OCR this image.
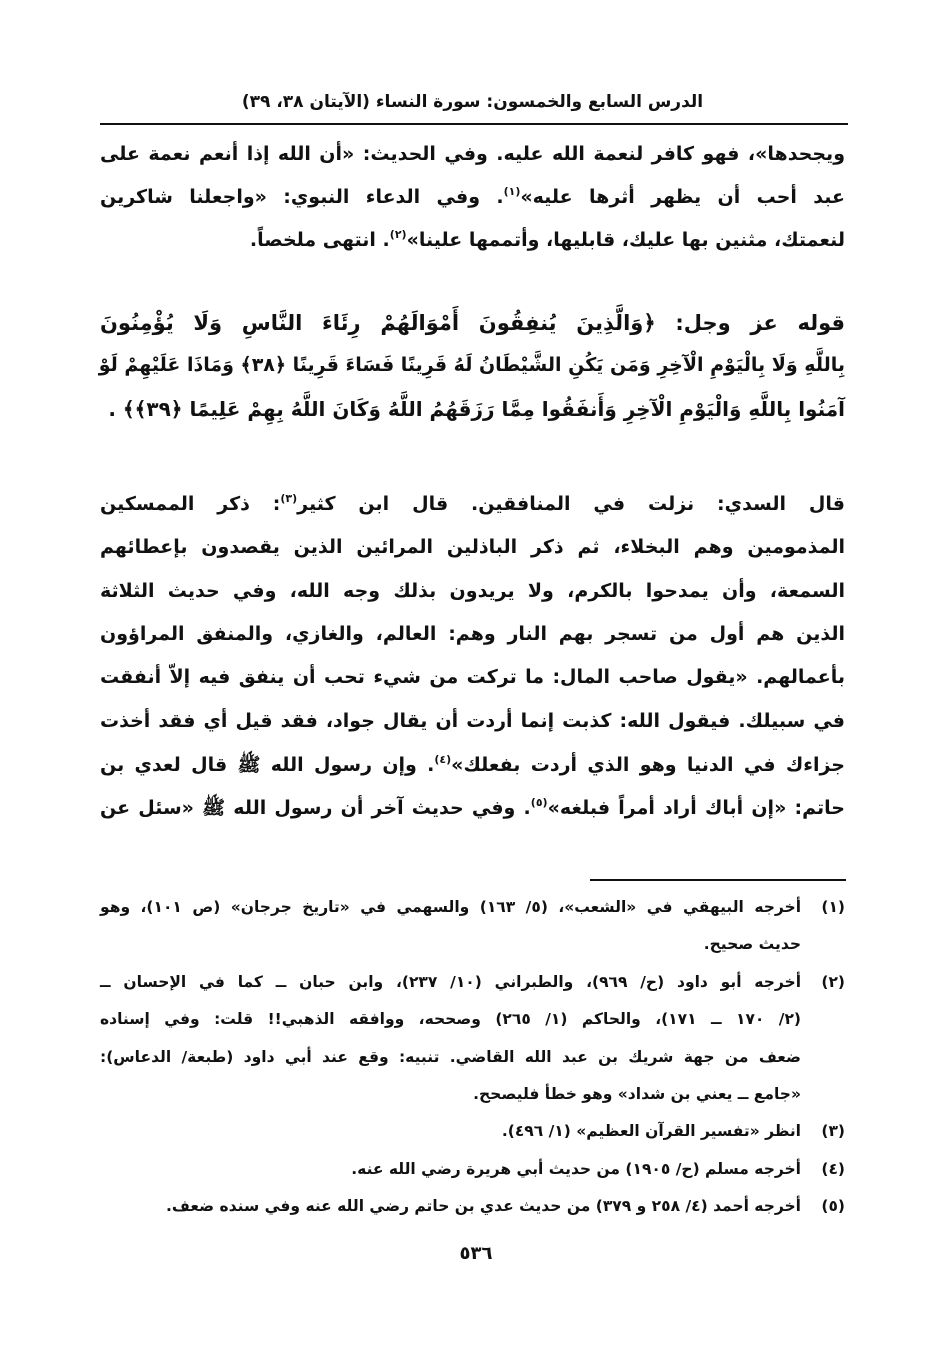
الدرس السابع والخمسون: سورة النساء (الآيتان ٣٨، ٣٩)
ويجحدها»، فهو كافر لنعمة الله عليه. وفي الحديث: «أن الله إذا أنعم نعمة على
عبد أحب أن يظهر أثرها عليه»$^{(١)}$. وفي الدعاء النبوي: «واجعلنا شاكرين
لنعمتك، مثنين بها عليك، قابليها، وأتممها علينا»$^{(٢)}$. انتهى ملخصاً.
قوله عز وجل: ﴿وَالَّذِينَ يُنفِقُونَ أَمْوَالَهُمْ رِئَاءَ النَّاسِ وَلَا يُؤْمِنُونَ
بِاللَّهِ وَلَا بِالْيَوْمِ الْآخِرِ وَمَن يَكُنِ الشَّيْطَانُ لَهُ قَرِينًا فَسَاءَ قَرِينًا ﴿٣٨﴾ وَمَاذَا عَلَيْهِمْ لَوْ
آمَنُوا بِاللَّهِ وَالْيَوْمِ الْآخِرِ وَأَنفَقُوا مِمَّا رَزَقَهُمُ اللَّهُ وَكَانَ اللَّهُ بِهِمْ عَلِيمًا ﴿٣٩﴾﴾ .
قال السدي: نزلت في المنافقين. قال ابن كثير$^{(٣)}$: ذكر الممسكين
المذمومين وهم البخلاء، ثم ذكر الباذلين المرائين الذين يقصدون بإعطائهم
السمعة، وأن يمدحوا بالكرم، ولا يريدون بذلك وجه الله، وفي حديث الثلاثة
الذين هم أول من تسجر بهم النار وهم: العالم، والغازي، والمنفق المراؤون
بأعمالهم. «يقول صاحب المال: ما تركت من شيء تحب أن ينفق فيه إلاّ أنفقت
في سبيلك. فيقول الله: كذبت إنما أردت أن يقال جواد، فقد قيل أي فقد أخذت
جزاءك في الدنيا وهو الذي أردت بفعلك»$^{(٤)}$. وإن رسول الله ﷺ قال لعدي بن
حاتم: «إن أباك أراد أمراً فبلغه»$^{(٥)}$. وفي حديث آخر أن رسول الله ﷺ «سئل عن
(١)أخرجه البيهقي في «الشعب»، (٥/ ١٦٣) والسهمي في «تاريخ جرجان» (ص ١٠١)، وهو
حديث صحيح.
(٢)أخرجه أبو داود (ح/ ٩٦٩)، والطبراني (١٠/ ٢٣٧)، وابن حبان ــ كما في الإحسان ــ
(٢/ ١٧٠ ــ ١٧١)، والحاكم (١/ ٢٦٥) وصححه، ووافقه الذهبي!! قلت: وفي إسناده
ضعف من جهة شريك بن عبد الله القاضي. تنبيه: وقع عند أبي داود (طبعة/ الدعاس):
«جامع ــ يعني بن شداد» وهو خطأ فليصحح.
(٣)انظر «تفسير القرآن العظيم» (١/ ٤٩٦).
(٤)أخرجه مسلم (ح/ ١٩٠٥) من حديث أبي هريرة رضي الله عنه.
(٥)أخرجه أحمد (٤/ ٢٥٨ و ٣٧٩) من حديث عدي بن حاتم رضي الله عنه وفي سنده ضعف.
٥٣٦
